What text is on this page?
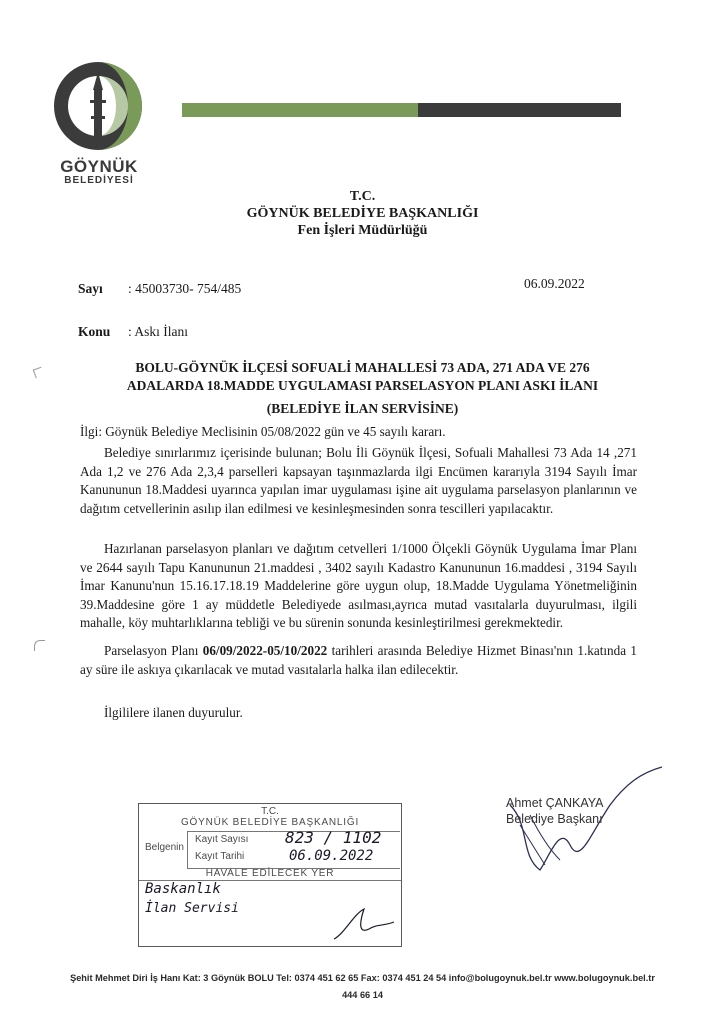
GÖYNÜK
BELEDİYESİ
T.C.
GÖYNÜK BELEDİYE BAŞKANLIĞI
Fen İşleri Müdürlüğü
Sayı : 45003730- 754/485	06.09.2022
Konu : Askı İlanı
BOLU-GÖYNÜK İLÇESİ SOFUALİ MAHALLESİ 73 ADA, 271 ADA VE 276
ADALARDA 18.MADDE UYGULAMASI PARSELASYON PLANI ASKI İLANI
(BELEDİYE İLAN SERVİSİNE)
İlgi: Göynük Belediye Meclisinin 05/08/2022 gün ve 45 sayılı kararı.
Belediye sınırlarımız içerisinde bulunan; Bolu İli Göynük İlçesi, Sofuali Mahallesi 73 Ada 14 ,271 Ada 1,2 ve 276 Ada 2,3,4 parselleri kapsayan taşınmazlarda ilgi Encümen kararıyla 3194 Sayılı İmar Kanununun 18.Maddesi uyarınca yapılan imar uygulaması işine ait uygulama parselasyon planlarının ve dağıtım cetvellerinin asılıp ilan edilmesi ve kesinleşmesinden sonra tescilleri yapılacaktır.
Hazırlanan parselasyon planları ve dağıtım cetvelleri 1/1000 Ölçekli Göynük Uygulama İmar Planı ve 2644 sayılı Tapu Kanununun 21.maddesi , 3402 sayılı Kadastro Kanununun 16.maddesi , 3194 Sayılı İmar Kanunu'nun 15.16.17.18.19 Maddelerine göre uygun olup, 18.Madde Uygulama Yönetmeliğinin 39.Maddesine göre 1 ay müddetle Belediyede asılması,ayrıca mutad vasıtalarla duyurulması, ilgili mahalle, köy muhtarlıklarına tebliği ve bu sürenin sonunda kesinleştirilmesi gerekmektedir.
Parselasyon Planı 06/09/2022-05/10/2022 tarihleri arasında Belediye Hizmet Binası'nın 1.katında 1 ay süre ile askıya çıkarılacak ve mutad vasıtalarla halka ilan edilecektir.
İlgililere ilanen duyurulur.
Ahmet ÇANKAYA
Belediye Başkanı
T.C.
GÖYNÜK BELEDİYE BAŞKANLIĞI
Belgenin
Kayıt Sayısı 823 / 1102
Kayıt Tarihi	06.09.2022
HAVALE EDİLECEK YER
Baskanlık
İlan Servisi
Şehit Mehmet Diri İş Hanı Kat: 3 Göynük BOLU Tel: 0374 451 62 65 Fax: 0374 451 24 54 info@bolugoynuk.bel.tr www.bolugoynuk.bel.tr
444 66 14
